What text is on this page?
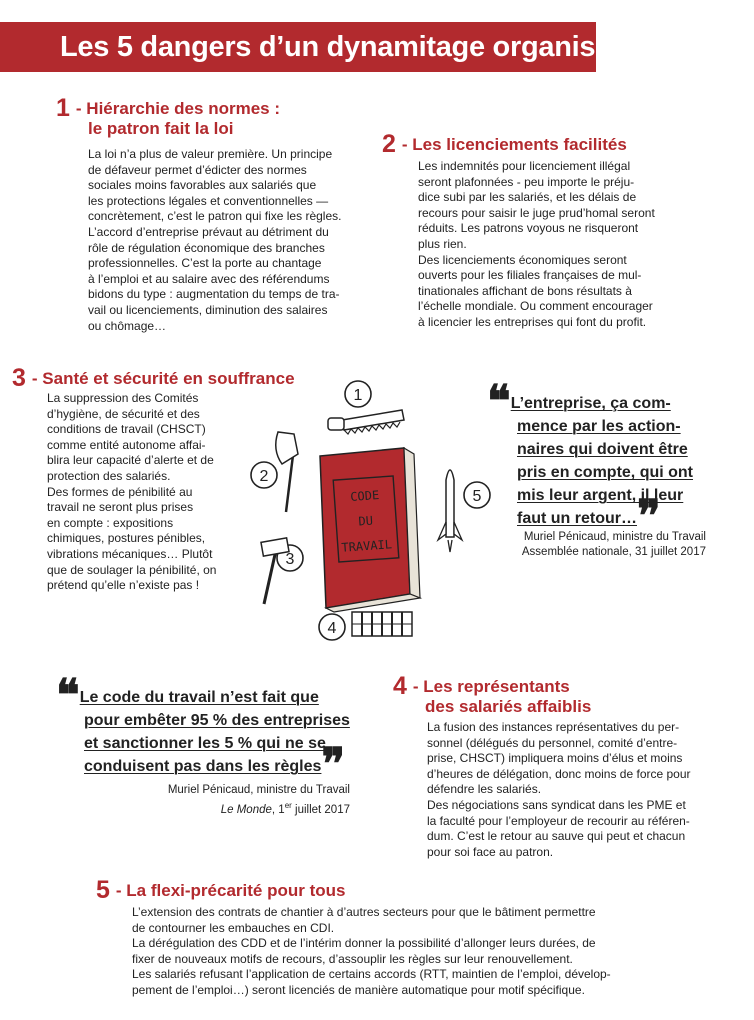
Les 5 dangers d’un dynamitage organisé
1 - Hiérarchie des normes :
le patron fait la loi

La loi n’a plus de valeur première. Un principe

de défaveur permet d’édicter des normes

sociales moins favorables aux salariés que

les protections légales et conventionnelles —

concrètement, c’est le patron qui fixe les règles.

L’accord d’entreprise prévaut au détriment du

rôle de régulation économique des branches

professionnelles. C’est la porte au chantage

à l’emploi et au salaire avec des référendums

bidons du type : augmentation du temps de tra-

vail ou licenciements, diminution des salaires

ou chômage…

2 - Les licenciements facilités

Les indemnités pour licenciement illégal

seront plafonnées - peu importe le préju-

dice subi par les salariés, et les délais de

recours pour saisir le juge prud’homal seront

réduits. Les patrons voyous ne risqueront

plus rien.

Des licenciements économiques seront

ouverts pour les filiales françaises de mul-

tinationales affichant de bons résultats à

l’échelle mondiale. Ou comment encourager

à licencier les entreprises qui font du profit.

3 - Santé et sécurité en souffrance

La suppression des Comités

d’hygiène, de sécurité et des

conditions de travail (CHSCT)

comme entité autonome affai-

blira leur capacité d’alerte et de

protection des salariés.

Des formes de pénibilité au

travail ne seront plus prises

en compte : expositions

chimiques, postures pénibles,

vibrations mécaniques… Plutôt

que de soulager la pénibilité, on

prétend qu’elle n’existe pas !

1
2
3
4
5
CODE
DU
TRAVAIL
❝L’entreprise, ça com-
mence par les action-
naires qui doivent être
pris en compte, qui ont
mis leur argent, il leur
faut un retour…❞
Muriel Pénicaud, ministre du Travail
Assemblée nationale, 31 juillet 2017
❝Le code du travail n’est fait que
pour embêter 95 % des entreprises
et sanctionner les 5 % qui ne se
conduisent pas dans les règles❞
Muriel Pénicaud, ministre du Travail
Le Monde, 1er juillet 2017
4 - Les représentants
des salariés affaiblis

La fusion des instances représentatives du per-

sonnel (délégués du personnel, comité d’entre-

prise, CHSCT) impliquera moins d’élus et moins

d’heures de délégation, donc moins de force pour

défendre les salariés.

Des négociations sans syndicat dans les PME et

la faculté pour l’employeur de recourir au référen-

dum. C’est le retour au sauve qui peut et chacun

pour soi face au patron.

5 - La flexi-précarité pour tous

L’extension des contrats de chantier à d’autres secteurs pour que le bâtiment permettre

de contourner les embauches en CDI.

La dérégulation des CDD et de l’intérim donner la possibilité d’allonger leurs durées, de

fixer de nouveaux motifs de recours, d’assouplir les règles sur leur renouvellement.

Les salariés refusant l’application de certains accords (RTT, maintien de l’emploi, dévelop-

pement de l’emploi…) seront licenciés de manière automatique pour motif spécifique.
